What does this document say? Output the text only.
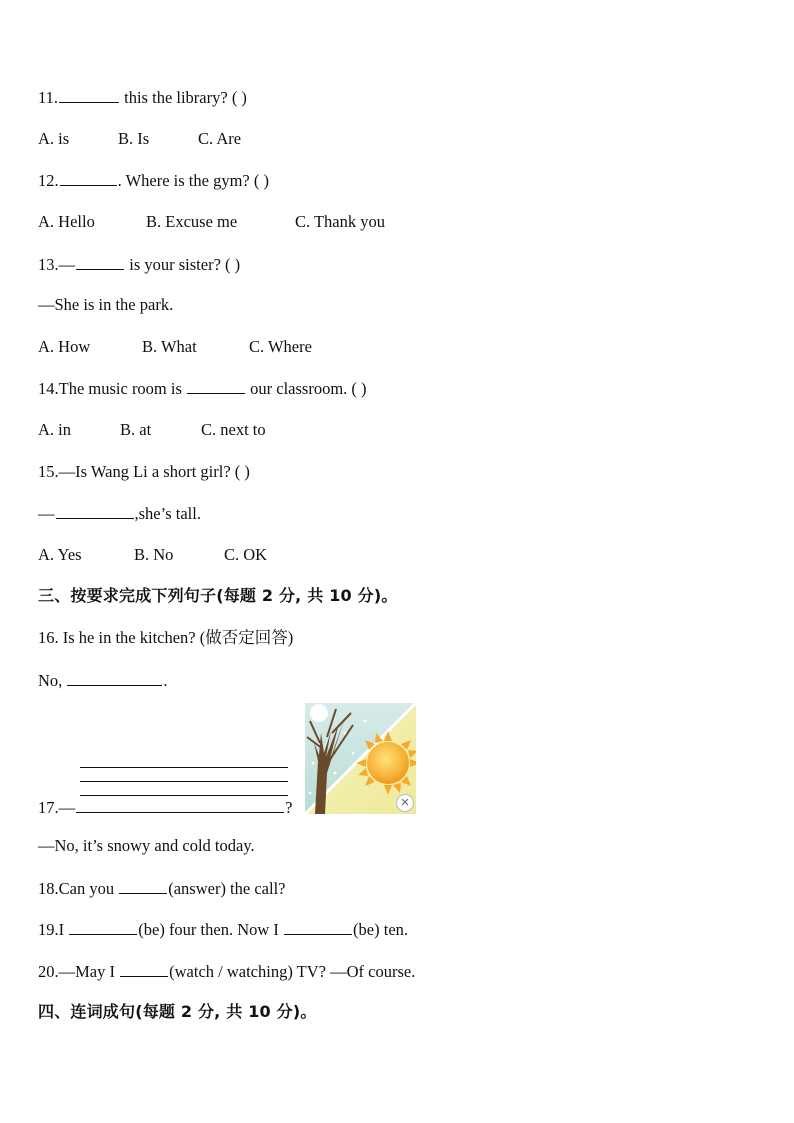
11.	this the library? ( )
A. is	B. Is	C. Are
12.	. Where is the gym? ( )
A. Hello	B. Excuse me	C. Thank you
13.—	is your sister? ( )
—She is in the park.
A. How	B. What	C. Where
14.The music room is	our classroom. ( )
A. in	B. at	C. next to
15.—Is Wang Li a short girl? ( )
—	,she’s tall.
A. Yes	B. No	C. OK
三、按要求完成下列句子(每题 2 分, 共 10 分)。
16. Is he in the kitchen? (做否定回答)
No,	.
17.—	?	✕
—No, it’s snowy and cold today.
18.Can you	(answer) the call?
19.I	(be) four then. Now I	(be) ten.
20.—May I	(watch / watching) TV? —Of course.
四、连词成句(每题 2 分, 共 10 分)。
